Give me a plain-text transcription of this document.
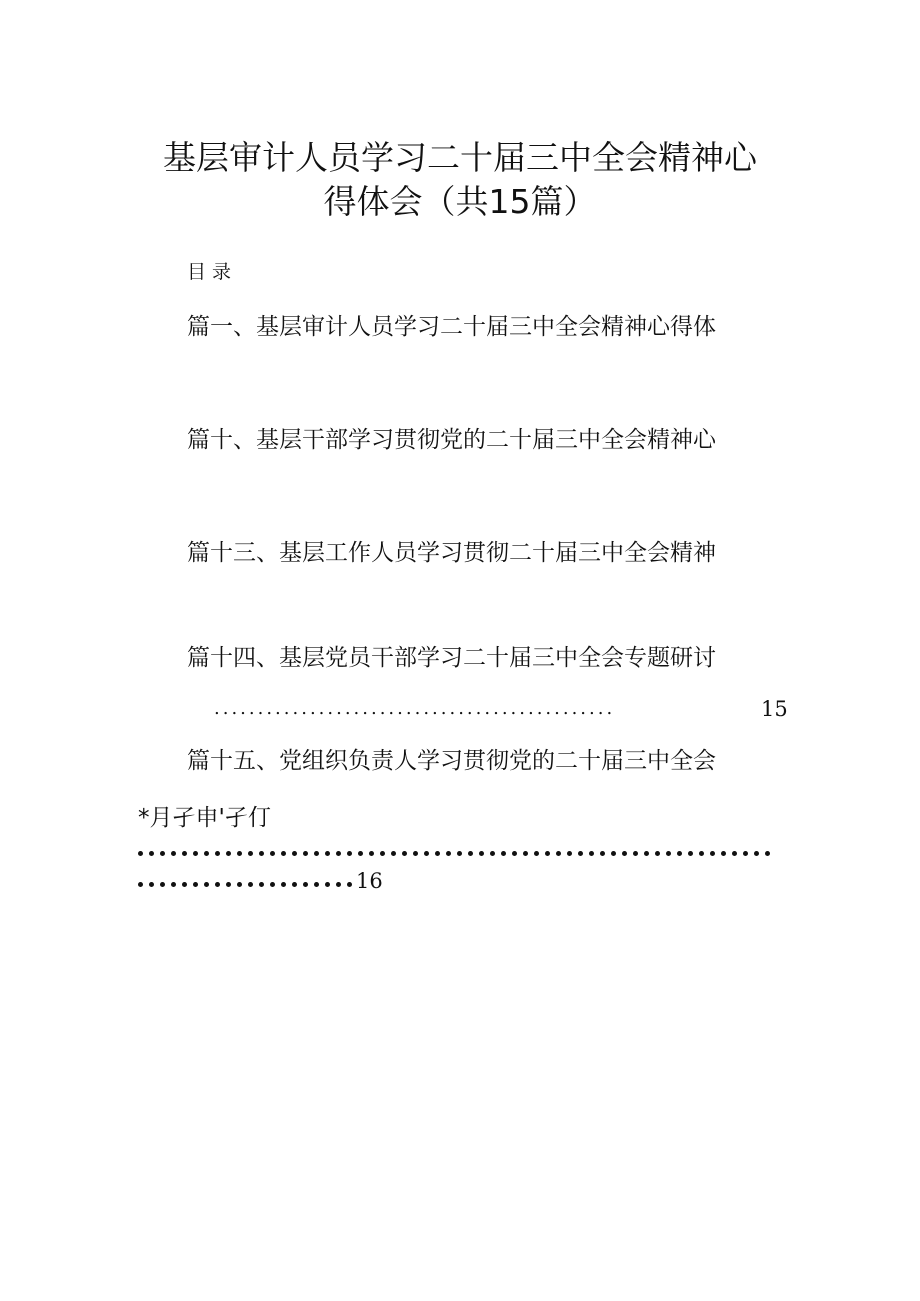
基层审计人员学习二十届三中全会精神心
得体会（共15篇）
目录
篇一、基层审计人员学习二十届三中全会精神心得体
篇十、基层干部学习贯彻党的二十届三中全会精神心
篇十三、基层工作人员学习贯彻二十届三中全会精神
篇十四、基层党员干部学习二十届三中全会专题研讨
..............................................	15
篇十五、党组织负责人学习贯彻党的二十届三中全会
*月孑申'孑仃
16
